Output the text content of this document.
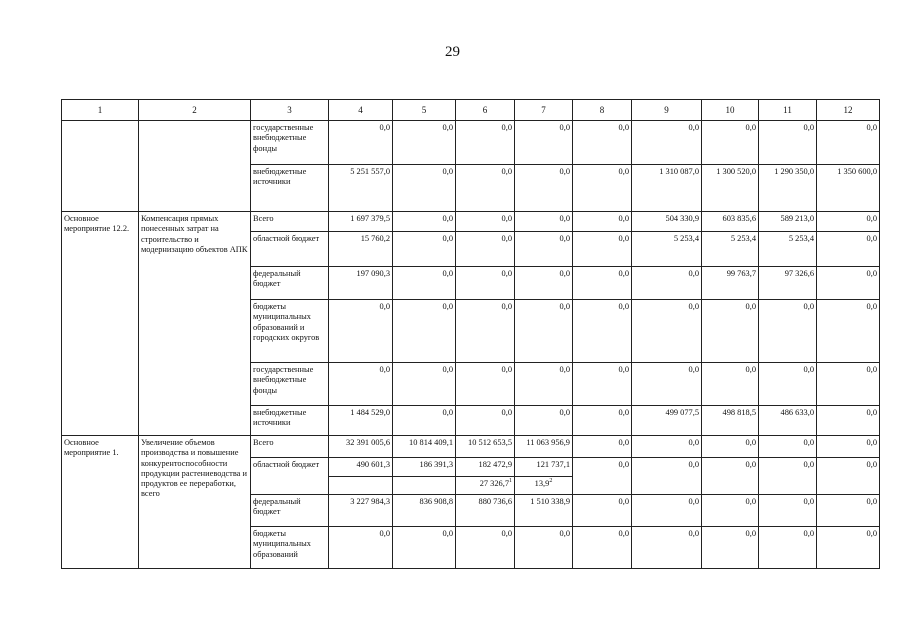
29
1	2	3	4	5	6	7	8	9	10	11	12
		государственные внебюджетные фонды	0,0	0,0	0,0	0,0	0,0	0,0	0,0	0,0	0,0
		внебюджетные источники	5 251 557,0	0,0	0,0	0,0	0,0	1 310 087,0	1 300 520,0	1 290 350,0	1 350 600,0
Основное мероприятие 12.2.	Компенсация прямых понесенных затрат на строительство и модернизацию объектов АПК	Всего	1 697 379,5	0,0	0,0	0,0	0,0	504 330,9	603 835,6	589 213,0	0,0
		областной бюджет	15 760,2	0,0	0,0	0,0	0,0	5 253,4	5 253,4	5 253,4	0,0
		федеральный бюджет	197 090,3	0,0	0,0	0,0	0,0	0,0	99 763,7	97 326,6	0,0
		бюджеты муниципальных образований и городских округов	0,0	0,0	0,0	0,0	0,0	0,0	0,0	0,0	0,0
		государственные внебюджетные фонды	0,0	0,0	0,0	0,0	0,0	0,0	0,0	0,0	0,0
		внебюджетные источники	1 484 529,0	0,0	0,0	0,0	0,0	499 077,5	498 818,5	486 633,0	0,0
Основное мероприятие 1.	Увеличение объемов производства и повышение конкурентоспособности продукции растениеводства и продуктов ее переработки, всего	Всего	32 391 005,6	10 814 409,1	10 512 653,5	11 063 956,9	0,0	0,0	0,0	0,0	0,0
		областной бюджет	490 601,3	186 391,3	182 472,9	121 737,1	0,0	0,0	0,0	0,0	0,0
					27 326,7$^1$	13,9$^2$
		федеральный бюджет	3 227 984,3	836 908,8	880 736,6	1 510 338,9	0,0	0,0	0,0	0,0	0,0
		бюджеты муниципальных образований	0,0	0,0	0,0	0,0	0,0	0,0	0,0	0,0	0,0
